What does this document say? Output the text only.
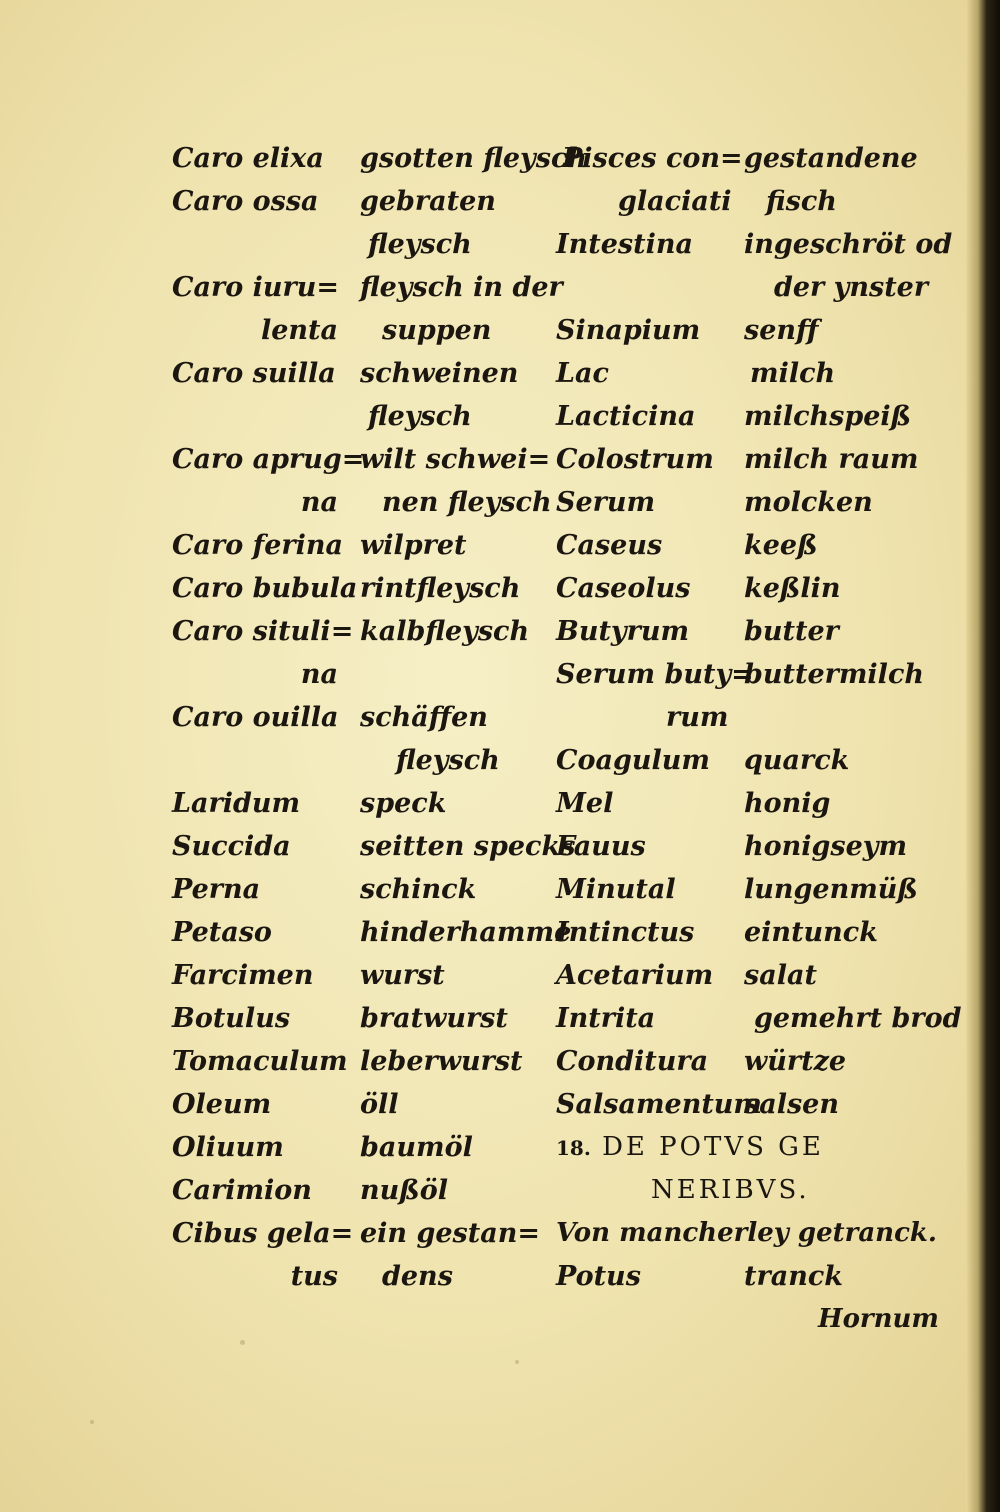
Caro elixa
Caro ossa
Caro iuru=
lenta
Caro suilla
Caro aprug=
na
Caro ferina
Caro bubula
Caro situli=
na
Caro ouilla
Laridum
Succida
Perna
Petaso
Farcimen
Botulus
Tomaculum
Oleum
Oliuum
Carimion
Cibus gela=
tus
gsotten fleysch
gebraten
fleysch
fleysch in der
suppen
schweinen
fleysch
wilt schwei=
nen fleysch
wilpret
rintfleysch
kalbfleysch
schäffen
fleysch
speck
seitten specks
schinck
hinderhamme
wurst
bratwurst
leberwurst
öll
baumöl
nußöl
ein gestan=
dens
Pisces con=
glaciati
Intestina
Sinapium
Lac
Lacticina
Colostrum
Serum
Caseus
Caseolus
Butyrum
Serum buty=
rum
Coagulum
Mel
Fauus
Minutal
Intinctus
Acetarium
Intrita
Conditura
Salsamentum
18. DE POTVS GE
NERIBVS.
Von mancherley getranck.
Potus
Hornum
gestandene
fisch
ingeschröt od
der ynster
senff
milch
milchspeiß
milch raum
molcken
keeß
keßlin
butter
buttermilch
quarck
honig
honigseym
lungenmüß
eintunck
salat
gemehrt brod
würtze
salsen
tranck
